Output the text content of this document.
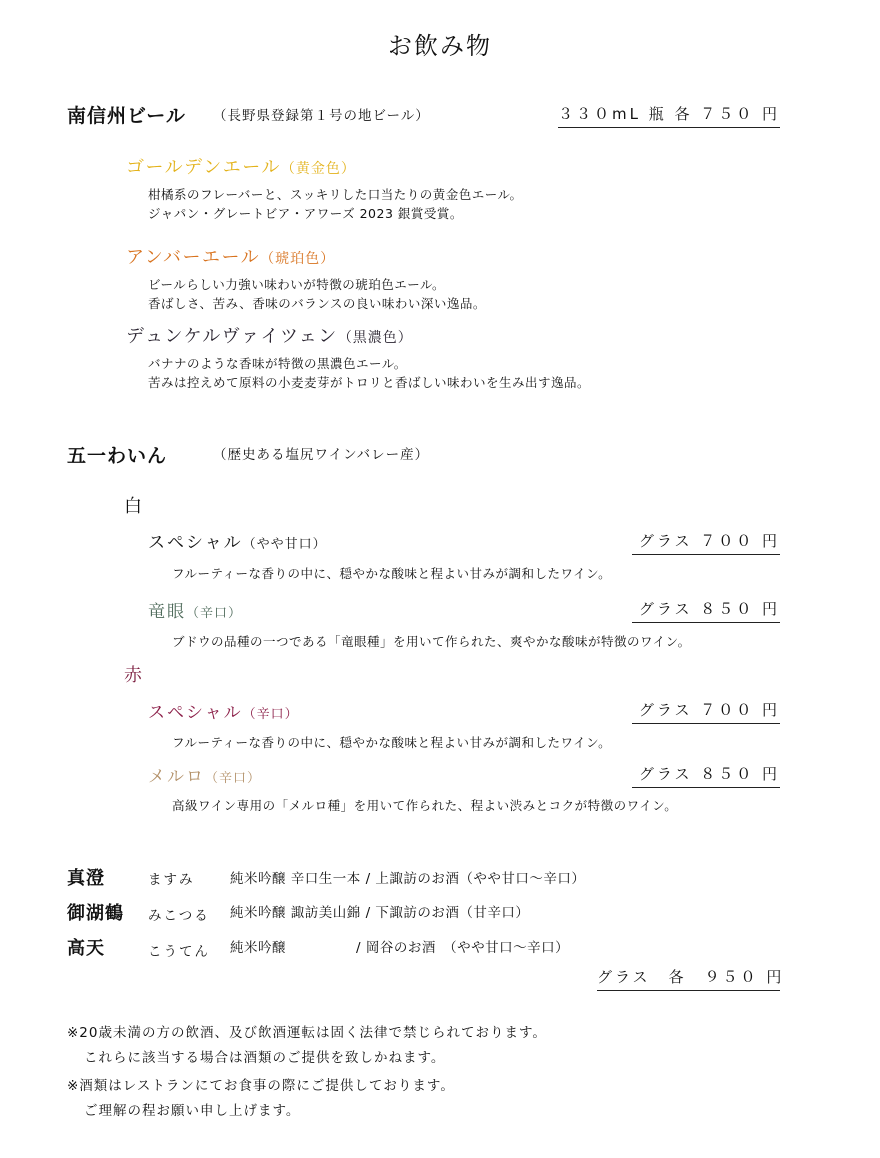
お飲み物
南信州ビール （長野県登録第１号の地ビール）	３３０mL 瓶 各 ７５０ 円
ゴールデンエール（黄金色）
柑橘系のフレーバーと、スッキリした口当たりの黄金色エール。
ジャパン・グレートビア・アワーズ 2023 銀賞受賞。
アンバーエール（琥珀色）
ビールらしい力強い味わいが特徴の琥珀色エール。
香ばしさ、苦み、香味のバランスの良い味わい深い逸品。
デュンケルヴァイツェン（黒濃色）
バナナのような香味が特徴の黒濃色エール。
苦みは控えめて原料の小麦麦芽がトロリと香ばしい味わいを生み出す逸品。
五一わいん	（歴史ある塩尻ワインバレー産）
白
スペシャル（やや甘口）	グラス ７００ 円
フルーティーな香りの中に、穏やかな酸味と程よい甘みが調和したワイン。
竜眼（辛口）	グラス ８５０ 円
ブドウの品種の一つである「竜眼種」を用いて作られた、爽やかな酸味が特徴のワイン。
赤
スペシャル（辛口）	グラス ７００ 円
フルーティーな香りの中に、穏やかな酸味と程よい甘みが調和したワイン。
メルロ（辛口）	グラス ８５０ 円
高級ワイン専用の「メルロ種」を用いて作られた、程よい渋みとコクが特徴のワイン。
真澄	ますみ	純米吟醸 辛口生一本 / 上諏訪のお酒（やや甘口～辛口）
御湖鶴 みこつる 純米吟醸 諏訪美山錦 / 下諏訪のお酒（甘辛口）
高天	こうてん 純米吟醸　　　　　/ 岡谷のお酒　（やや甘口～辛口）
グラス　各　９５０ 円
※20歳未満の方の飲酒、及び飲酒運転は固く法律で禁じられております。
これらに該当する場合は酒類のご提供を致しかねます。
※酒類はレストランにてお食事の際にご提供しております。
ご理解の程お願い申し上げます。
